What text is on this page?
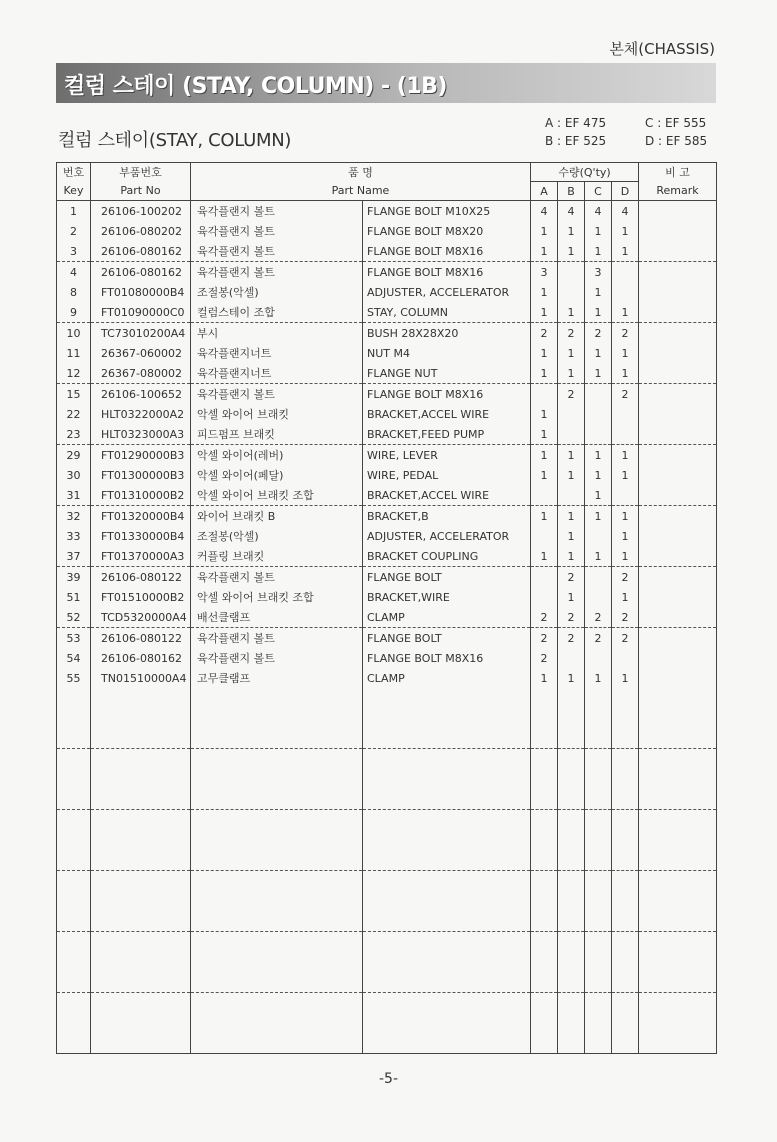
본체(CHASSIS)
컬럼 스테이 (STAY, COLUMN) - (1B)
컬럼 스테이(STAY, COLUMN)
A : EF 475
B : EF 525
C : EF 555
D : EF 585
번호	부품번호	품 명		수량(Q'ty)				비 고
Key	Part No	Part Name		A	B	C	D	Remark
1	26106-100202	육각플랜지 볼트	FLANGE BOLT M10X25	4	4	4	4	
2	26106-080202	육각플랜지 볼트	FLANGE BOLT M8X20	1	1	1	1	
3	26106-080162	육각플랜지 볼트	FLANGE BOLT M8X16	1	1	1	1	
4	26106-080162	육각플랜지 볼트	FLANGE BOLT M8X16	3		3		
8	FT01080000B4	조절봉(악셀)	ADJUSTER, ACCELERATOR	1		1		
9	FT01090000C0	컬럼스테이 조합	STAY, COLUMN	1	1	1	1	
10	TC73010200A4	부시	BUSH 28X28X20	2	2	2	2	
11	26367-060002	육각플랜지너트	NUT M4	1	1	1	1	
12	26367-080002	육각플랜지너트	FLANGE NUT	1	1	1	1	
15	26106-100652	육각플랜지 볼트	FLANGE BOLT M8X16		2		2	
22	HLT0322000A2	악셀 와이어 브래킷	BRACKET,ACCEL WIRE	1				
23	HLT0323000A3	피드펌프 브래킷	BRACKET,FEED PUMP	1				
29	FT01290000B3	악셀 와이어(레버)	WIRE, LEVER	1	1	1	1	
30	FT01300000B3	악셀 와이어(페달)	WIRE, PEDAL	1	1	1	1	
31	FT01310000B2	악셀 와이어 브래킷 조합	BRACKET,ACCEL WIRE			1		
32	FT01320000B4	와이어 브래킷 B	BRACKET,B	1	1	1	1	
33	FT01330000B4	조절봉(악셀)	ADJUSTER, ACCELERATOR		1		1	
37	FT01370000A3	커플링 브래킷	BRACKET COUPLING	1	1	1	1	
39	26106-080122	육각플랜지 볼트	FLANGE BOLT		2		2	
51	FT01510000B2	악셀 와이어 브래킷 조합	BRACKET,WIRE		1		1	
52	TCD5320000A4	배선클램프	CLAMP	2	2	2	2	
53	26106-080122	육각플랜지 볼트	FLANGE BOLT	2	2	2	2	
54	26106-080162	육각플랜지 볼트	FLANGE BOLT M8X16	2				
55	TN01510000A4	고무클램프	CLAMP	1	1	1	1	

-5-
